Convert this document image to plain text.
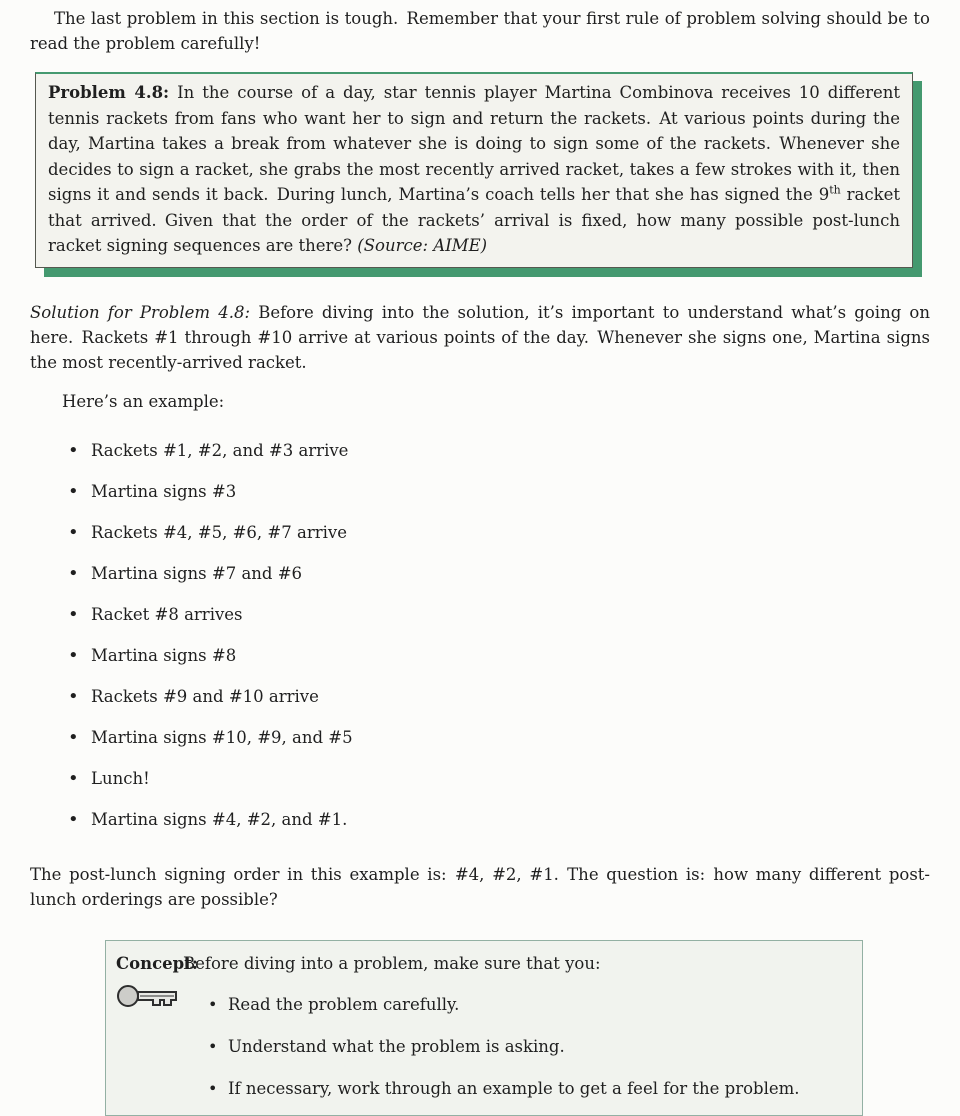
The last problem in this section is tough. Remember that your first rule of problem solving should be to read the problem carefully!

Problem 4.8: In the course of a day, star tennis player Martina Combinova receives 10 different tennis rackets from fans who want her to sign and return the rackets. At various points during the day, Martina takes a break from whatever she is doing to sign some of the rackets. Whenever she decides to sign a racket, she grabs the most recently arrived racket, takes a few strokes with it, then signs it and sends it back. During lunch, Martina’s coach tells her that she has signed the 9th racket that arrived. Given that the order of the rackets’ arrival is fixed, how many possible post-lunch racket signing sequences are there? (Source: AIME)

Solution for Problem 4.8: Before diving into the solution, it’s important to understand what’s going on here. Rackets #1 through #10 arrive at various points of the day. Whenever she signs one, Martina signs the most recently-arrived racket.

Here’s an example:

• Rackets #1, #2, and #3 arrive
• Martina signs #3
• Rackets #4, #5, #6, #7 arrive
• Martina signs #7 and #6
• Racket #8 arrives
• Martina signs #8
• Rackets #9 and #10 arrive
• Martina signs #10, #9, and #5
• Lunch!
• Martina signs #4, #2, and #1.

The post-lunch signing order in this example is: #4, #2, #1. The question is: how many different post-lunch orderings are possible?

Concept:
Before diving into a problem, make sure that you:
• Read the problem carefully.
• Understand what the problem is asking.
• If necessary, work through an example to get a feel for the problem.
